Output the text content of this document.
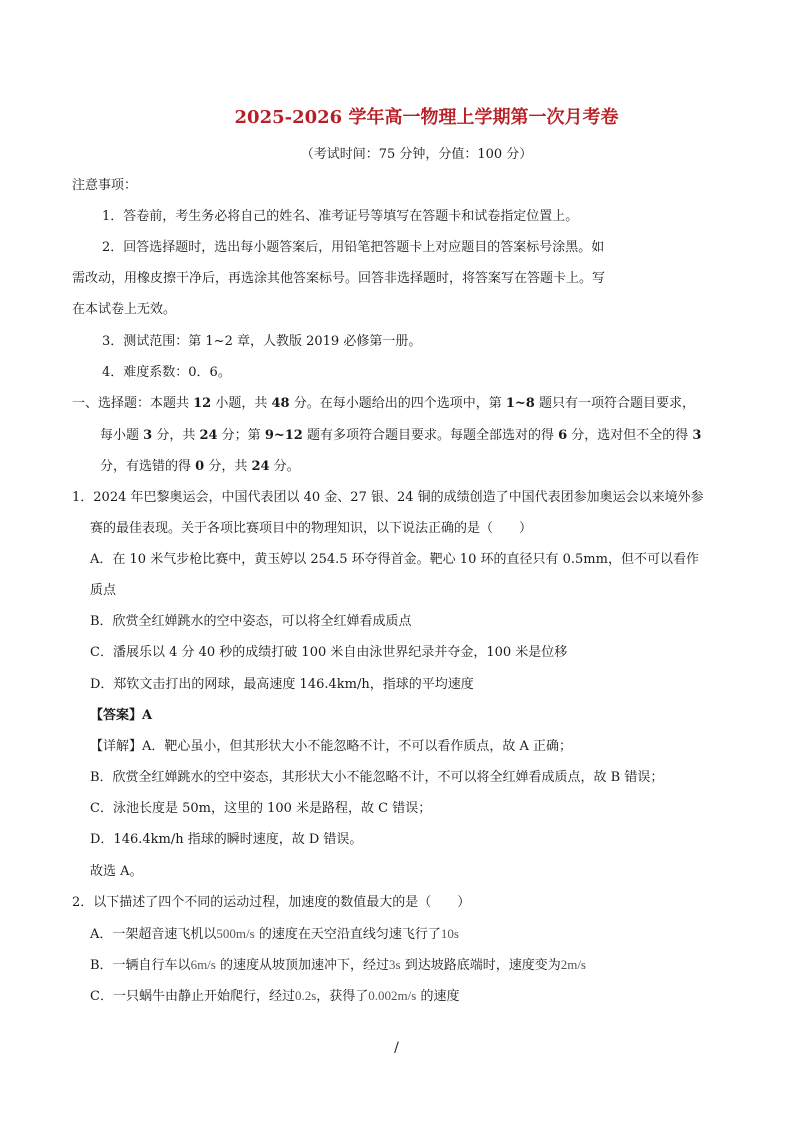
2025-2026 学年高一物理上学期第一次月考卷
（考试时间：75 分钟，分值：100 分）
注意事项：
1．答卷前，考生务必将自己的姓名、准考证号等填写在答题卡和试卷指定位置上。
2．回答选择题时，选出每小题答案后，用铅笔把答题卡上对应题目的答案标号涂黑。如
需改动，用橡皮擦干净后，再选涂其他答案标号。回答非选择题时，将答案写在答题卡上。写
在本试卷上无效。
3．测试范围：第 1~2 章，人教版 2019 必修第一册。
4．难度系数：0．6。
一、选择题：本题共 12 小题，共 48 分。在每小题给出的四个选项中，第 1~8 题只有一项符合题目要求，
每小题 3 分，共 24 分；第 9~12 题有多项符合题目要求。每题全部选对的得 6 分，选对但不全的得 3
分，有选错的得 0 分，共 24 分。
1．2024 年巴黎奥运会，中国代表团以 40 金、27 银、24 铜的成绩创造了中国代表团参加奥运会以来境外参
赛的最佳表现。关于各项比赛项目中的物理知识，以下说法正确的是（　　）
A．在 10 米气步枪比赛中，黄玉婷以 254.5 环夺得首金。靶心 10 环的直径只有 0.5mm，但不可以看作
质点
B．欣赏全红婵跳水的空中姿态，可以将全红婵看成质点
C．潘展乐以 4 分 40 秒的成绩打破 100 米自由泳世界纪录并夺金，100 米是位移
D．郑钦文击打出的网球，最高速度 146.4km/h，指球的平均速度
【答案】A
【详解】A．靶心虽小，但其形状大小不能忽略不计，不可以看作质点，故 A 正确；
B．欣赏全红婵跳水的空中姿态，其形状大小不能忽略不计，不可以将全红婵看成质点，故 B 错误；
C．泳池长度是 50m，这里的 100 米是路程，故 C 错误；
D．146.4km/h 指球的瞬时速度，故 D 错误。
故选 A。
2．以下描述了四个不同的运动过程，加速度的数值最大的是（　　）
A．一架超音速飞机以500m/s 的速度在天空沿直线匀速飞行了10s
B．一辆自行车以6m/s 的速度从坡顶加速冲下，经过3s 到达坡路底端时，速度变为2m/s
C．一只蜗牛由静止开始爬行，经过0.2s，获得了0.002m/s 的速度
/
